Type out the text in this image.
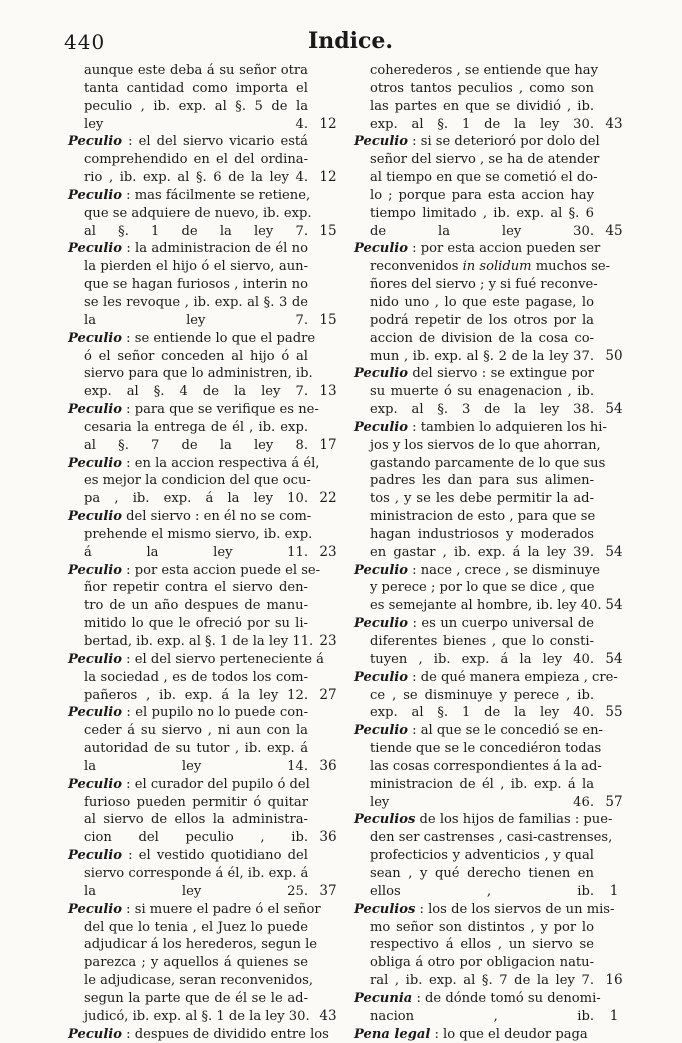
440	Indice.
aunque este deba á su señor otra
tanta cantidad como importa el
peculio , ib. exp. al §. 5 de la
ley 4. 12
Peculio : el del siervo vicario está
comprehendido en el del ordina-
rio , ib. exp. al §. 6 de la ley 4. 12
Peculio : mas fácilmente se retiene,
que se adquiere de nuevo, ib. exp.
al §. 1 de la ley 7. 15
Peculio : la administracion de él no
la pierden el hijo ó el siervo, aun-
que se hagan furiosos , interin no
se les revoque , ib. exp. al §. 3 de
la ley 7. 15
Peculio : se entiende lo que el padre
ó el señor conceden al hijo ó al
siervo para que lo administren, ib.
exp. al §. 4 de la ley 7. 13
Peculio : para que se verifique es ne-
cesaria la entrega de él , ib. exp.
al §. 7 de la ley 8. 17
Peculio : en la accion respectiva á él,
es mejor la condicion del que ocu-
pa , ib. exp. á la ley 10. 22
Peculio del siervo : en él no se com-
prehende el mismo siervo, ib. exp.
á la ley 11. 23
Peculio : por esta accion puede el se-
ñor repetir contra el siervo den-
tro de un año despues de manu-
mitido lo que le ofreció por su li-
bertad, ib. exp. al §. 1 de la ley 11. 23
Peculio : el del siervo perteneciente á
la sociedad , es de todos los com-
pañeros , ib. exp. á la ley 12. 27
Peculio : el pupilo no lo puede con-
ceder á su siervo , ni aun con la
autoridad de su tutor , ib. exp. á
la ley 14. 36
Peculio : el curador del pupilo ó del
furioso pueden permitir ó quitar
al siervo de ellos la administra-
cion del peculio , ib. 36
Peculio : el vestido quotidiano del
siervo corresponde á él, ib. exp. á
la ley 25. 37
Peculio : si muere el padre ó el señor
del que lo tenia , el Juez lo puede
adjudicar á los herederos, segun le
parezca ; y aquellos á quienes se
le adjudicase, seran reconvenidos,
segun la parte que de él se le ad-
judicó, ib. exp. al §. 1 de la ley 30. 43
Peculio : despues de dividido entre los
coherederos , se entiende que hay
otros tantos peculios , como son
las partes en que se dividió , ib.
exp. al §. 1 de la ley 30. 43
Peculio : si se deterioró por dolo del
señor del siervo , se ha de atender
al tiempo en que se cometió el do-
lo ; porque para esta accion hay
tiempo limitado , ib. exp. al §. 6
de la ley 30. 45
Peculio : por esta accion pueden ser
reconvenidos in solidum muchos se-
ñores del siervo ; y si fué reconve-
nido uno , lo que este pagase, lo
podrá repetir de los otros por la
accion de division de la cosa co-
mun , ib. exp. al §. 2 de la ley 37. 50
Peculio del siervo : se extingue por
su muerte ó su enagenacion , ib.
exp. al §. 3 de la ley 38. 54
Peculio : tambien lo adquieren los hi-
jos y los siervos de lo que ahorran,
gastando parcamente de lo que sus
padres les dan para sus alimen-
tos , y se les debe permitir la ad-
ministracion de esto , para que se
hagan industriosos y moderados
en gastar , ib. exp. á la ley 39. 54
Peculio : nace , crece , se disminuye
y perece ; por lo que se dice , que
es semejante al hombre, ib. ley 40. 54
Peculio : es un cuerpo universal de
diferentes bienes , que lo consti-
tuyen , ib. exp. á la ley 40. 54
Peculio : de qué manera empieza , cre-
ce , se disminuye y perece , ib.
exp. al §. 1 de la ley 40. 55
Peculio : al que se le concedió se en-
tiende que se le concediéron todas
las cosas correspondientes á la ad-
ministracion de él , ib. exp. á la
ley 46. 57
Peculios de los hijos de familias : pue-
den ser castrenses , casi-castrenses,
profecticios y adventicios , y qual
sean , y qué derecho tienen en
ellos , ib.	1
Peculios : los de los siervos de un mis-
mo señor son distintos , y por lo
respectivo á ellos , un siervo se
obliga á otro por obligacion natu-
ral , ib. exp. al §. 7 de la ley 7. 16
Pecunia : de dónde tomó su denomi-
nacion , ib.	1
Pena legal : lo que el deudor paga
